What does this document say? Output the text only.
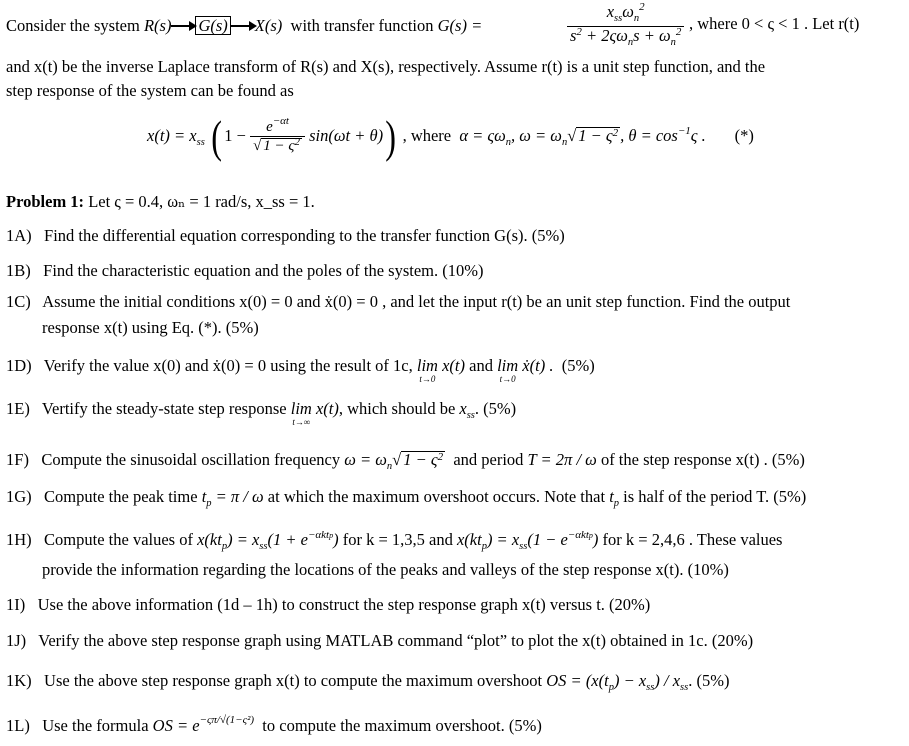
Consider the system R(s) G(s) X(s) with transfer function G(s) =	$\frac{x_{ss}\omega_n^2}{s^2 + 2\varsigma\omega_ns + \omega_n^2}$ , where 0 < ς < 1 . Let r(t)
and x(t) be the inverse Laplace transform of R(s) and X(s), respectively. Assume r(t) is a unit step function, and the
step response of the system can be found as
$x(t) = x_{ss}$ ( $1 - \frac{e^{-\alpha t}}{√ 1 - \varsigma^2} \sin(\omega t + \theta)$) , where $\alpha = \varsigma\omega_n$, $\omega = \omega_n√$ $1 - \varsigma^2$ , $\theta = \cos^{-1}\varsigma$ . (*)
Problem 1: Let ς = 0.4, ωₙ = 1 rad/s, x_ss = 1.
1A)   Find the differential equation corresponding to the transfer function G(s). (5%)
1B)   Find the characteristic equation and the poles of the system. (10%)
1C)   Assume the initial conditions x(0) = 0 and ẋ(0) = 0 , and let the input r(t) be an unit step function. Find the output
response x(t) using Eq. (*). (5%)
1D)   Verify the value x(0) and ẋ(0) = 0 using the result of 1c, lim
t→0
x(t) and lim
t→0
ẋ(t) . (5%)
1E)   Vertify the steady-state step response lim
t→∞
x(t), which should be $x_{ss}$. (5%)
1F)   Compute the sinusoidal oscillation frequency $\omega = \omega_n√$ $1 - \varsigma^2$ and period T = 2π / ω of the step response x(t) . (5%)
1G)   Compute the peak time $t_p = \pi / \omega$ at which the maximum overshoot occurs. Note that $t_p$ is half of the period T. (5%)
1H)   Compute the values of $x(kt_p) = x_{ss}(1 + e^{-\alpha ktp})$ for k = 1,3,5 and $x(kt_p) = x_{ss}(1 - e^{-\alpha ktp})$ for k = 2,4,6 . These values
provide the information regarding the locations of the peaks and valleys of the step response x(t). (10%)
1I)   Use the above information (1d – 1h) to construct the step response graph x(t) versus t. (20%)
1J)   Verify the above step response graph using MATLAB command “plot” to plot the x(t) obtained in 1c. (20%)
1K)   Use the above step response graph x(t) to compute the maximum overshoot OS = $(x(t_p) - x_{ss}) / x_{ss}$. (5%)
1L)   Use the formula OS = $e^{-\varsigma\pi/√(1-\varsigma^2)}$ to compute the maximum overshoot. (5%)
